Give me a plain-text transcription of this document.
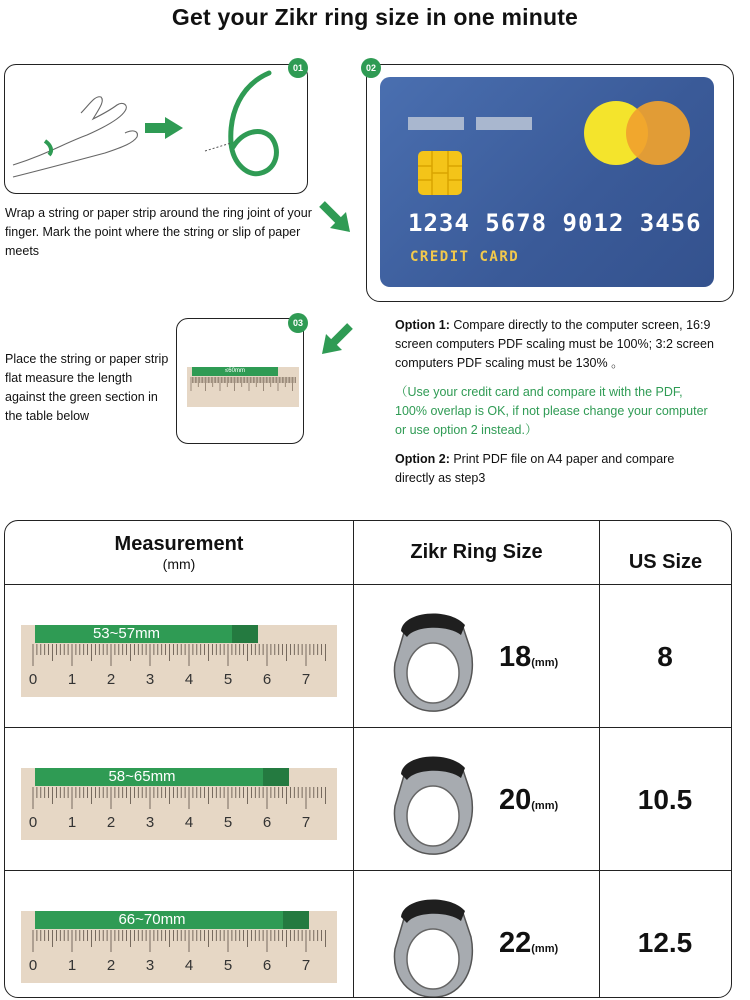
Get your Zikr ring size in one minute
01
Wrap a string or paper strip around the ring joint of your finger. Mark the point where the string or slip of paper meets
1234 5678 9012 3456
CREDIT CARD
02
Place the string or paper strip flat measure the length against the green section in the table below
≤60mm
03	Option 1: Compare directly to the computer screen, 16:9 screen computers PDF scaling must be 100%; 3:2 screen computers PDF scaling must be 130% 。
（Use your credit card and compare it with the PDF, 100% overlap is OK, if not please change your computer or use option 2 instead.）
Option 2: Print PDF file on A4 paper and compare directly as step3
Measurement
(mm)
Zikr Ring Size	US Size
0 1 2 3 4 5 6 7
53~57mm
18(mm)	8
0 1 2 3 4 5 6 7
58~65mm
20(mm)	10.5
0 1 2 3 4 5 6 7
66~70mm
22(mm)	12.5
